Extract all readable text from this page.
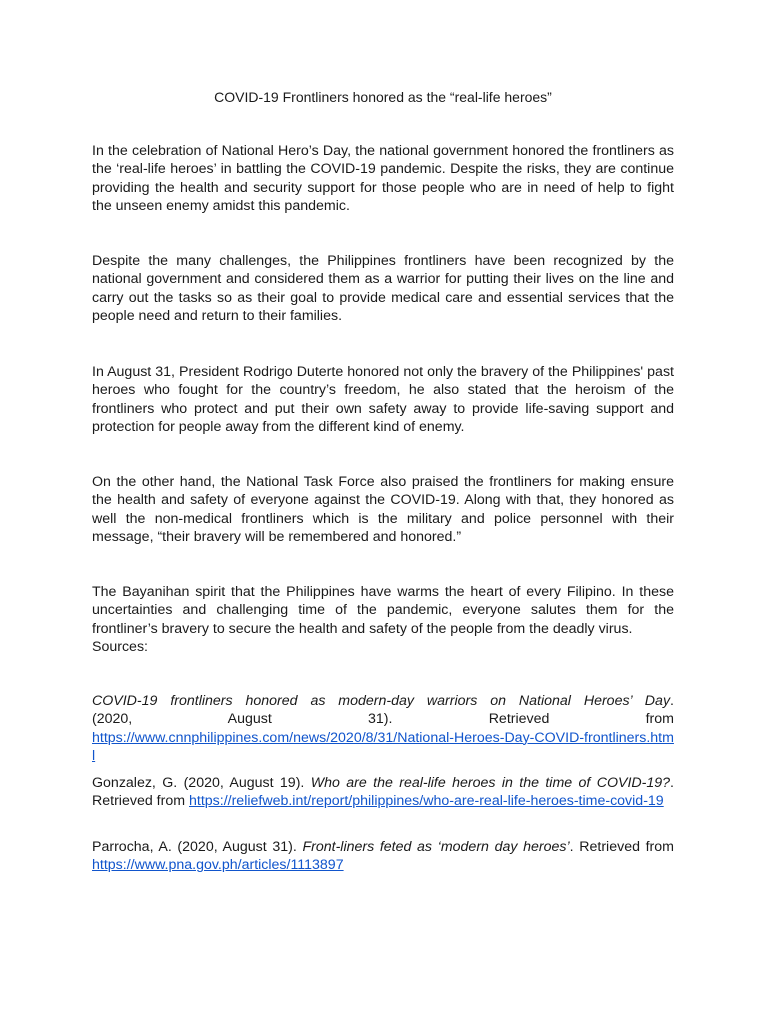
COVID-19 Frontliners honored as the “real-life heroes”

In the celebration of National Hero’s Day, the national government honored the frontliners as the ‘real-life heroes’ in battling the COVID-19 pandemic. Despite the risks, they are continue providing the health and security support for those people who are in need of help to fight the unseen enemy amidst this pandemic.

Despite the many challenges, the Philippines frontliners have been recognized by the national government and considered them as a warrior for putting their lives on the line and carry out the tasks so as their goal to provide medical care and essential services that the people need and return to their families.

In August 31, President Rodrigo Duterte honored not only the bravery of the Philippines' past heroes who fought for the country’s freedom, he also stated that the heroism of the frontliners who protect and put their own safety away to provide life-saving support and protection for people away from the different kind of enemy.

On the other hand, the National Task Force also praised the frontliners for making ensure the health and safety of everyone against the COVID-19. Along with that, they honored as well the non-medical frontliners which is the military and police personnel with their message, “their bravery will be remembered and honored.”

The Bayanihan spirit that the Philippines have warms the heart of every Filipino. In these uncertainties and challenging time of the pandemic, everyone salutes them for the frontliner’s bravery to secure the health and safety of the people from the deadly virus.

Sources:

COVID-19 frontliners honored as modern-day warriors on National Heroes’ Day.
(2020, August 31).	Retrieved from
https://www.cnnphilippines.com/news/2020/8/31/National-Heroes-Day-COVID-frontliners.html

Gonzalez, G. (2020, August 19). Who are the real-life heroes in the time of COVID-19?. Retrieved from https://reliefweb.int/report/philippines/who-are-real-life-heroes-time-covid-19

Parrocha, A. (2020, August 31). Front-liners feted as ‘modern day heroes’. Retrieved from https://www.pna.gov.ph/articles/1113897
